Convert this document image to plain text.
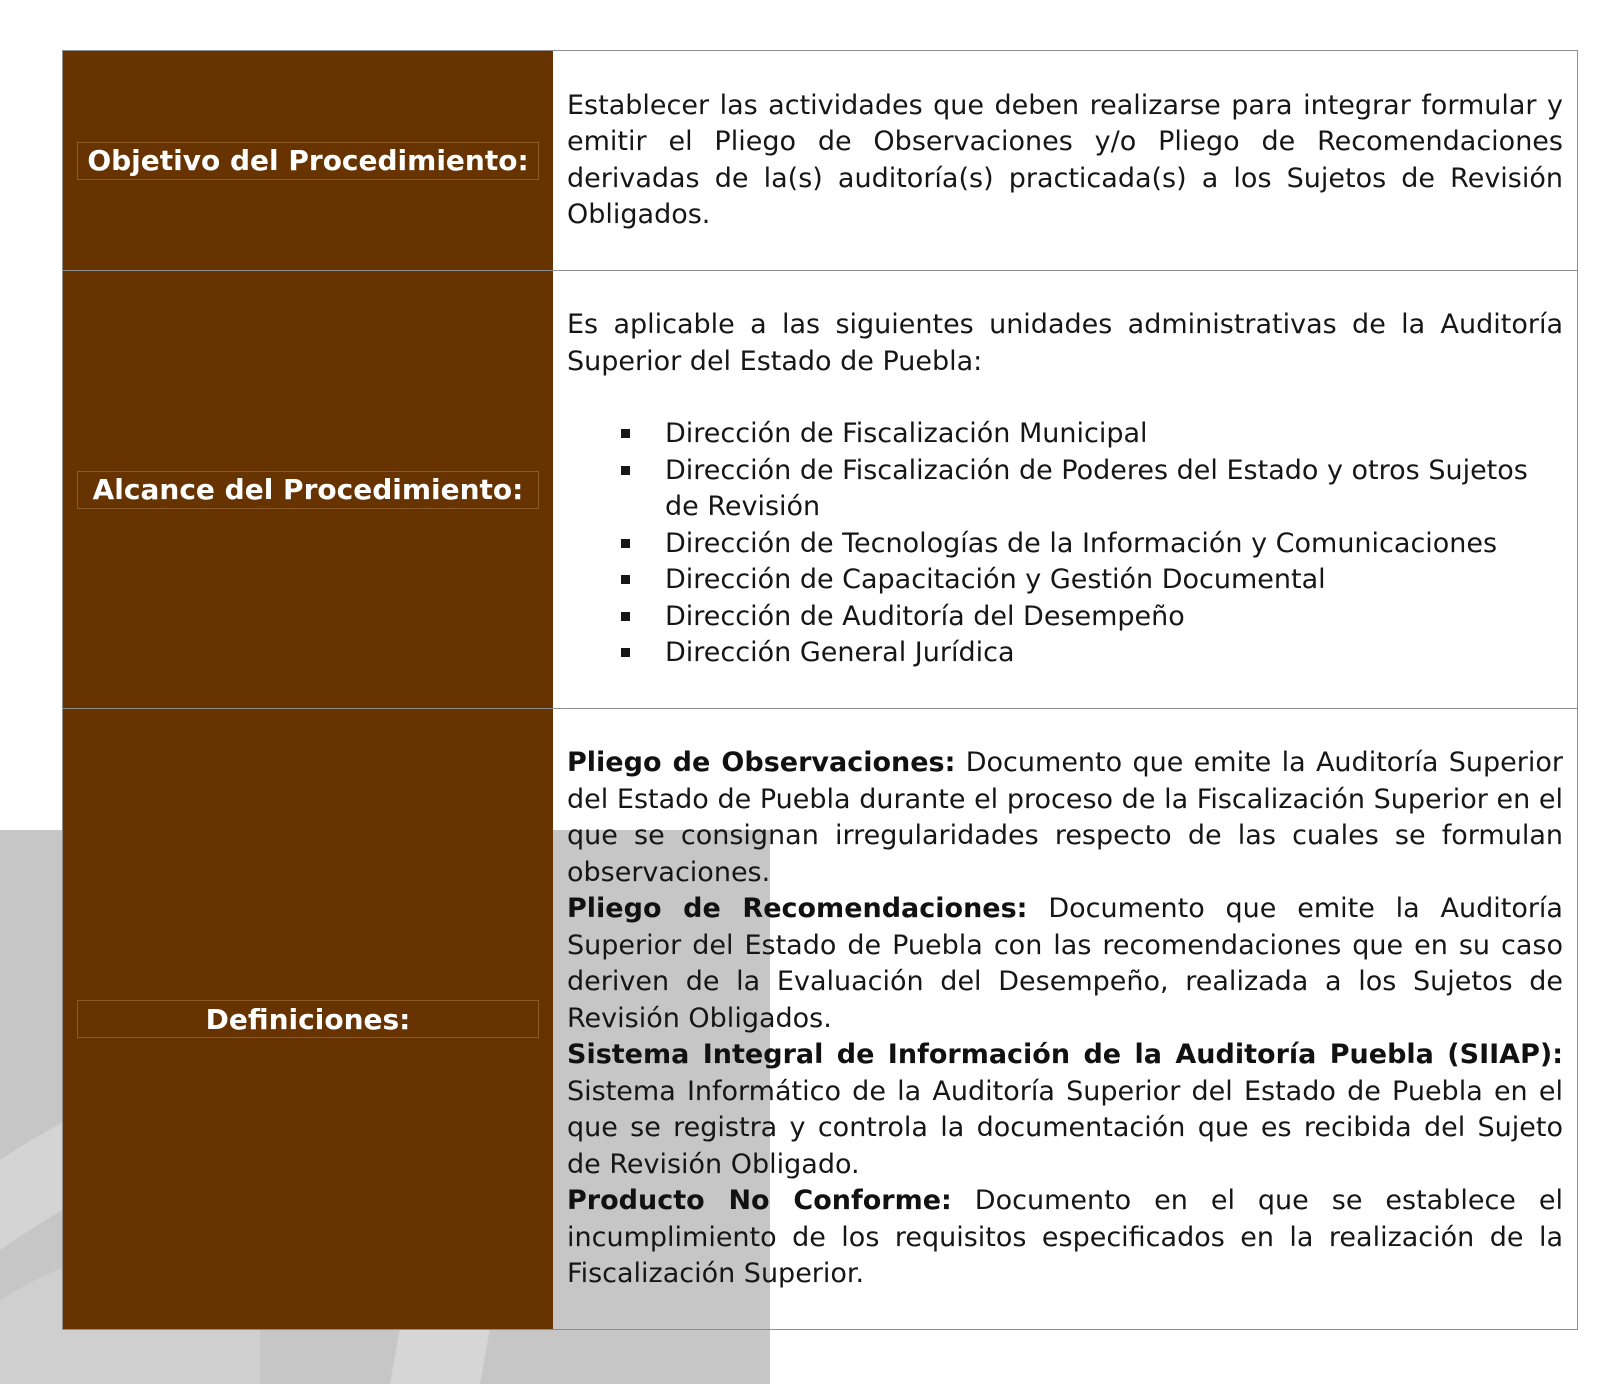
Objetivo del Procedimiento:

Establecer las actividades que deben realizarse para integrar formular y emitir el Pliego de Observaciones y/o Pliego de Recomendaciones derivadas de la(s) auditoría(s) practicada(s) a los Sujetos de Revisión Obligados.

Alcance del Procedimiento:

Es aplicable a las siguientes unidades administrativas de la Auditoría Superior del Estado de Puebla:

Dirección de Fiscalización Municipal
Dirección de Fiscalización de Poderes del Estado y otros Sujetos de Revisión
Dirección de Tecnologías de la Información y Comunicaciones
Dirección de Capacitación y Gestión Documental
Dirección de Auditoría del Desempeño
Dirección General Jurídica
Definiciones:

Pliego de Observaciones: Documento que emite la Auditoría Superior del Estado de Puebla durante el proceso de la Fiscalización Superior en el que se consignan irregularidades respecto de las cuales se formulan observaciones.

Pliego de Recomendaciones: Documento que emite la Auditoría Superior del Estado de Puebla con las recomendaciones que en su caso deriven de la Evaluación del Desempeño, realizada a los Sujetos de Revisión Obligados.

Sistema Integral de Información de la Auditoría Puebla (SIIAP): Sistema Informático de la Auditoría Superior del Estado de Puebla en el que se registra y controla la documentación que es recibida del Sujeto de Revisión Obligado.

Producto No Conforme: Documento en el que se establece el incumplimiento de los requisitos especificados en la realización de la Fiscalización Superior.
